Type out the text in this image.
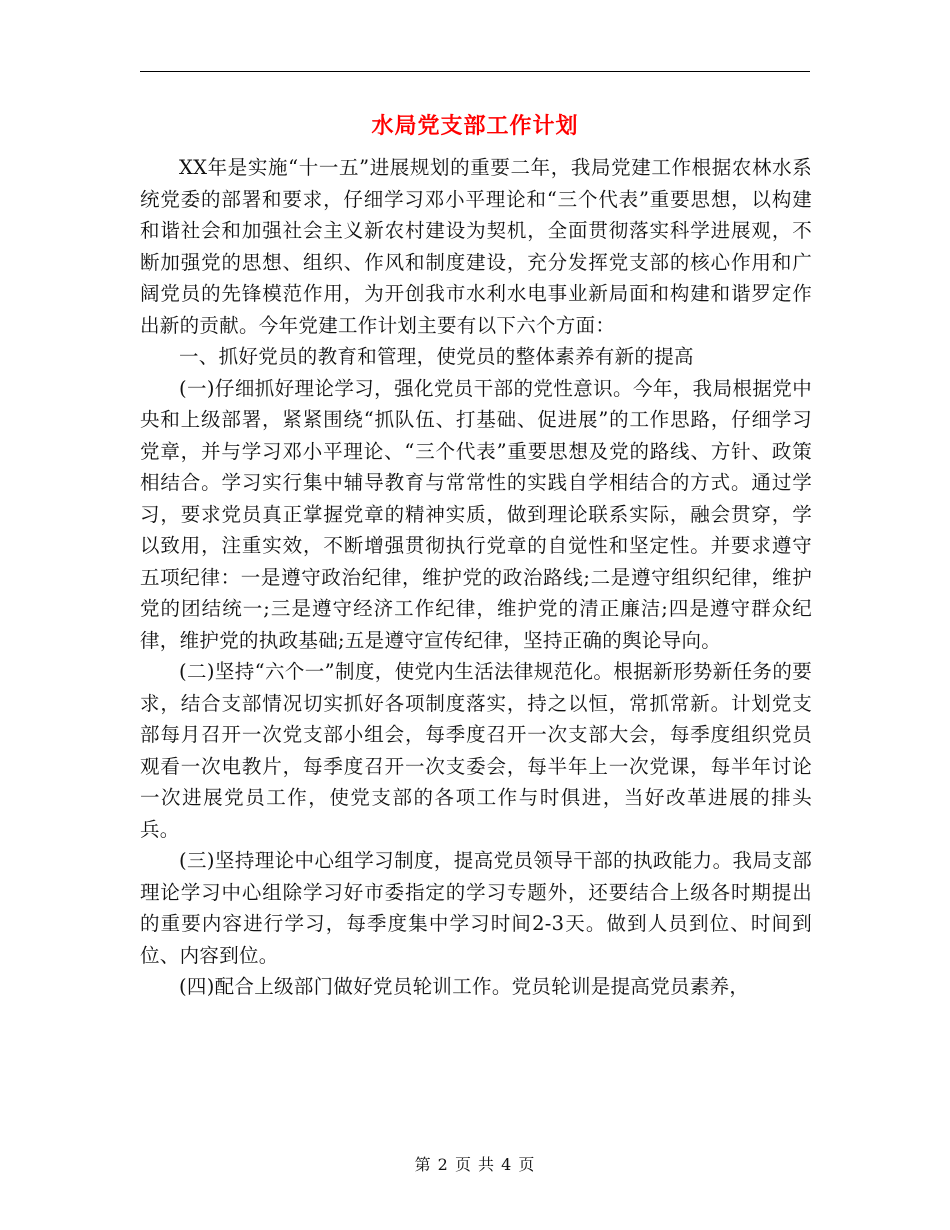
水局党支部工作计划

XX年是实施“十一五”进展规划的重要二年，我局党建工作根据农林水系统党委的部署和要求，仔细学习邓小平理论和“三个代表”重要思想，以构建和谐社会和加强社会主义新农村建设为契机，全面贯彻落实科学进展观，不断加强党的思想、组织、作风和制度建设，充分发挥党支部的核心作用和广阔党员的先锋模范作用，为开创我市水利水电事业新局面和构建和谐罗定作出新的贡献。今年党建工作计划主要有以下六个方面：

一、抓好党员的教育和管理，使党员的整体素养有新的提高

(一)仔细抓好理论学习，强化党员干部的党性意识。今年，我局根据党中央和上级部署，紧紧围绕“抓队伍、打基础、促进展”的工作思路，仔细学习党章，并与学习邓小平理论、“三个代表”重要思想及党的路线、方针、政策相结合。学习实行集中辅导教育与常常性的实践自学相结合的方式。通过学习，要求党员真正掌握党章的精神实质，做到理论联系实际，融会贯穿，学以致用，注重实效，不断增强贯彻执行党章的自觉性和坚定性。并要求遵守五项纪律：一是遵守政治纪律，维护党的政治路线;二是遵守组织纪律，维护党的团结统一;三是遵守经济工作纪律，维护党的清正廉洁;四是遵守群众纪律，维护党的执政基础;五是遵守宣传纪律，坚持正确的舆论导向。

(二)坚持“六个一”制度，使党内生活法律规范化。根据新形势新任务的要求，结合支部情况切实抓好各项制度落实，持之以恒，常抓常新。计划党支部每月召开一次党支部小组会，每季度召开一次支部大会，每季度组织党员观看一次电教片，每季度召开一次支委会，每半年上一次党课，每半年讨论一次进展党员工作，使党支部的各项工作与时俱进，当好改革进展的排头兵。

(三)坚持理论中心组学习制度，提高党员领导干部的执政能力。我局支部理论学习中心组除学习好市委指定的学习专题外，还要结合上级各时期提出的重要内容进行学习，每季度集中学习时间2-3天。做到人员到位、时间到位、内容到位。

(四)配合上级部门做好党员轮训工作。党员轮训是提高党员素养，

第 2 页 共 4 页
